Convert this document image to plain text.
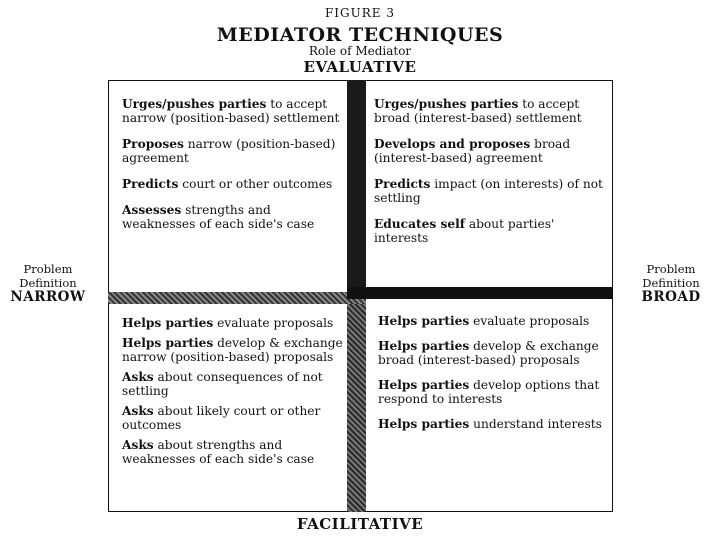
FIGURE 3
MEDIATOR TECHNIQUES
Role of Mediator
EVALUATIVE
FACILITATIVE
Problem
Definition
NARROW
Problem
Definition
BROAD

Urges/pushes parties to accept narrow (position-based) settlement

Proposes narrow (position-based) agreement

Predicts court or other outcomes

Assesses strengths and weaknesses of each side's case

Urges/pushes parties to accept broad (interest-based) settlement

Develops and proposes broad (interest-based) agreement

Predicts impact (on interests) of not settling

Educates self about parties' interests

Helps parties evaluate proposals

Helps parties develop & exchange narrow (position-based) proposals

Asks about consequences of not settling

Asks about likely court or other outcomes

Asks about strengths and weaknesses of each side's case

Helps parties evaluate proposals

Helps parties develop & exchange broad (interest-based) proposals

Helps parties develop options that respond to interests

Helps parties understand interests
